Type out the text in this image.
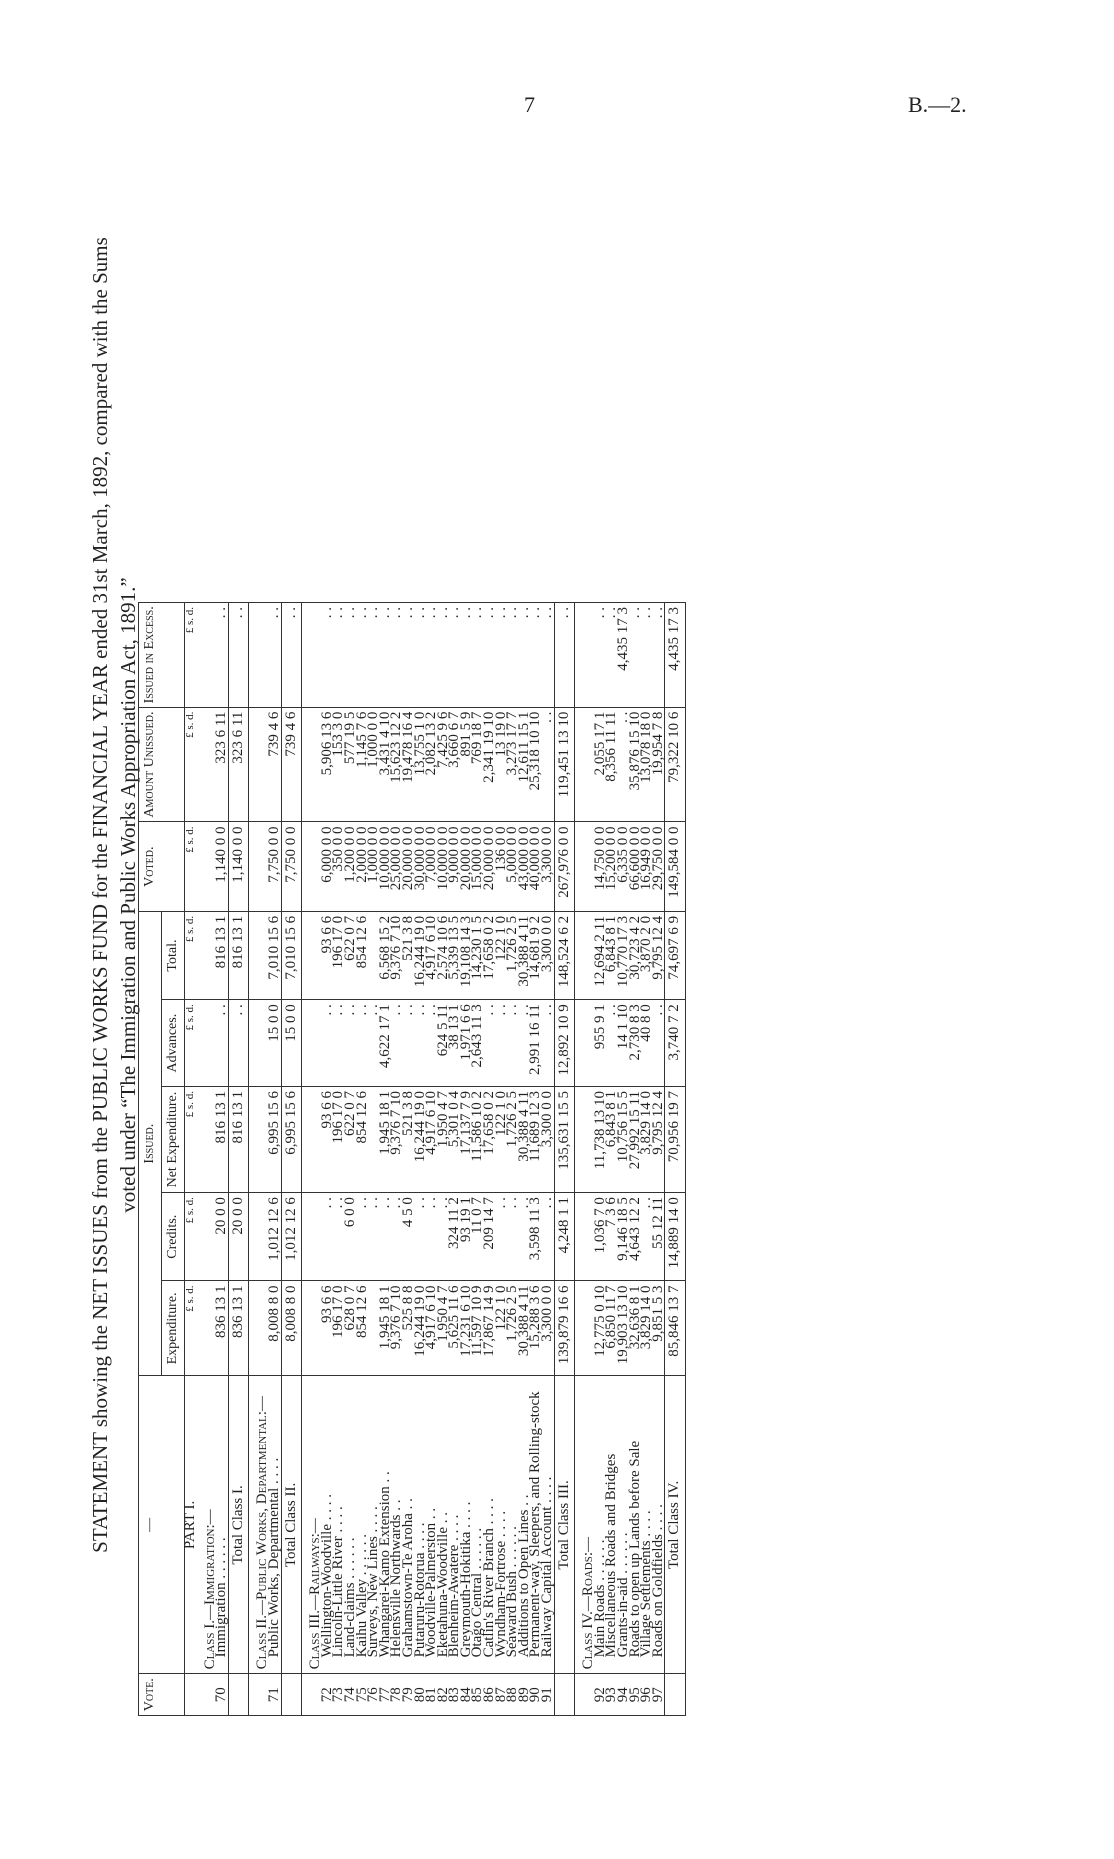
7	B.—2.
STATEMENT showing the NET ISSUES from the PUBLIC WORKS FUND for the FINANCIAL YEAR ended 31st March, 1892, compared with the Sums voted under “The Immigration and Public Works Appropriation Act, 1891.”
Vote.	—	Issued.					Voted.	Amount Unissued.	Issued in Excess.
		Expenditure.	Credits.	Net Expenditure.	Advances.	Total.			
	PART I.	£ s. d.	£ s. d.	£ s. d.	£ s. d.	£ s. d.	£ s. d.	£ s. d.	£ s. d.

	Class I.—Immigration:—								
70	Immigration . . . . . .	836 13 1	20 0 0	816 13 1	. .	816 13 1	1,140 0 0	323 6 11	. .
	Total Class I.	836 13 1	20 0 0	816 13 1	. .	816 13 1	1,140 0 0	323 6 11	. .

	Class II.—Public Works, Departmental:—								
71	Public Works, Departmental . . . .	8,008 8 0	1,012 12 6	6,995 15 6	15 0 0	7,010 15 6	7,750 0 0	739 4 6	. .
	Total Class II.	8,008 8 0	1,012 12 6	6,995 15 6	15 0 0	7,010 15 6	7,750 0 0	739 4 6	. .

	Class III.—Railways:—								
72	Wellington-Woodville . . . .	93 6 6	. .	93 6 6	. .	93 6 6	6,000 0 0	5,906 13 6	. .
73	Lincoln-Little River . . . .	196 17 0	. .	196 17 0	. .	196 17 0	350 0 0	153 3 0	. .
74	Land-claims . . . . . .	628 0 7	6 0 0	622 0 7	. .	622 0 7	1,200 0 0	577 19 5	. .
75	Kaihu Valley . . . . . .	854 12 6	. .	854 12 6	. .	854 12 6	2,000 0 0	1,145 7 6	. .
76	Surveys, New Lines . . . .		. .		. .		1,000 0 0	1,000 0 0	. .
77	Whangarei-Kamo Extension . .	1,945 18 1	. .	1,945 18 1	4,622 17 1	6,568 15 2	10,000 0 0	3,431 4 10	. .
78	Helensville Northwards . .	9,376 7 10	. .	9,376 7 10	. .	9,376 7 10	25,000 0 0	15,623 12 2	. .
79	Grahamstown-Te Aroha . .	525 8 8	4 5 0	521 3 8	. .	521 3 8	20,000 0 0	19,478 16 4	. .
80	Putaruru-Rotorua . . . .	16,244 19 0	. .	16,244 19 0	. .	16,244 19 0	30,000 0 0	13,755 1 0	. .
81	Woodville-Palmerston . .	4,917 6 10	. .	4,917 6 10	. .	4,917 6 10	7,000 0 0	2,082 13 2	. .
82	Eketahuna-Woodville . .	1,950 4 7	. .	1,950 4 7	624 5 11	2,574 10 6	10,000 0 0	7,425 9 6	. .
83	Blenheim-Awatere . . . .	5,625 11 6	324 11 2	5,301 0 4	38 13 1	5,339 13 5	9,000 0 0	3,660 6 7	. .
84	Greymouth-Hokitika . . . .	17,231 6 10	93 19 1	17,137 7 9	1,971 6 6	19,108 14 3	20,000 0 0	891 5 9	. .
85	Otago Central . . . . . .	11,597 10 9	11 0 7	11,586 10 2	2,643 11 3	14,230 1 5	15,000 0 0	769 18 7	. .
86	Catlin's River Branch . . . .	17,867 14 9	209 14 7	17,658 0 2	. .	17,658 0 2	20,000 0 0	2,341 19 10	. .
87	Wyndham-Fortrose . . . .	122 1 0	. .	122 1 0	. .	122 1 0	136 0 0	13 19 0	. .
88	Seaward Bush . . . . . .	1,726 2 5	. .	1,726 2 5	. .	1,726 2 5	5,000 0 0	3,273 17 7	. .
89	Additions to Open Lines . .	30,388 4 11	. .	30,388 4 11	. .	30,388 4 11	43,000 0 0	12,611 15 1	. .
90	Permanent-way, Sleepers, and Rolling-stock	15,288 3 6	3,598 11 3	11,689 12 3	2,991 16 11	14,681 9 2	40,000 0 0	25,318 10 10	. .
91	Railway Capital Account . . . .	3,300 0 0	. .	3,300 0 0	. .	3,300 0 0	3,300 0 0	. .	. .
	Total Class III.	139,879 16 6	4,248 1 1	135,631 15 5	12,892 10 9	148,524 6 2	267,976 0 0	119,451 13 10	. .

	Class IV.—Roads:—								
92	Main Roads . . . . . .	12,775 0 10	1,036 7 0	11,738 13 10	955 9 1	12,694 2 11	14,750 0 0	2,055 17 1	. .
93	Miscellaneous Roads and Bridges	6,850 11 7	7 3 6	6,843 8 1	. .	6,843 8 1	15,200 0 0	8,356 11 11	. .
94	Grants-in-aid . . . . . .	19,903 13 10	9,146 18 5	10,756 15 5	14 1 10	10,770 17 3	6,335 0 0	. .	4,435 17 3
95	Roads to open up Lands before Sale	32,636 8 1	4,643 12 2	27,992 15 11	2,730 8 3	30,723 4 2	66,600 0 0	35,876 15 10	. .
96	Village Settlements . . . .	3,829 14 0	. .	3,829 14 0	40 8 0	3,870 2 0	16,949 0 0	13,078 18 0	. .
97	Roads on Goldfields . . . .	9,851 5 3	55 12 11	9,795 12 4	. .	9,795 12 4	29,750 0 0	19,954 7 8	. .
	Total Class IV.	85,846 13 7	14,889 14 0	70,956 19 7	3,740 7 2	74,697 6 9	149,584 0 0	79,322 10 6	4,435 17 3
